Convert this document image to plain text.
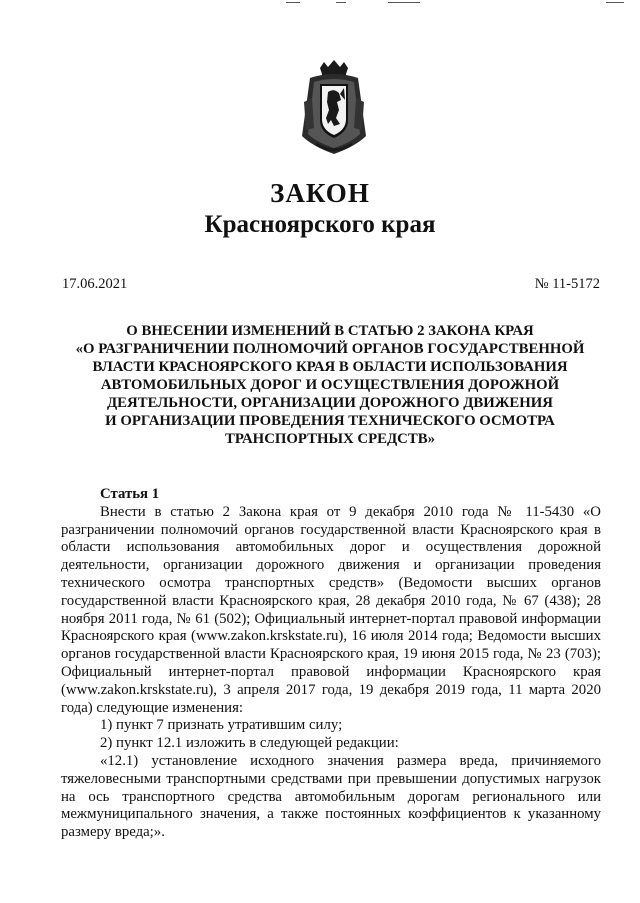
ЗАКОН
Красноярского края
17.06.2021	№ 11-5172
О ВНЕСЕНИИ ИЗМЕНЕНИЙ В СТАТЬЮ 2 ЗАКОНА КРАЯ
«О РАЗГРАНИЧЕНИИ ПОЛНОМОЧИЙ ОРГАНОВ ГОСУДАРСТВЕННОЙ
ВЛАСТИ КРАСНОЯРСКОГО КРАЯ В ОБЛАСТИ ИСПОЛЬЗОВАНИЯ
АВТОМОБИЛЬНЫХ ДОРОГ И ОСУЩЕСТВЛЕНИЯ ДОРОЖНОЙ
ДЕЯТЕЛЬНОСТИ, ОРГАНИЗАЦИИ ДОРОЖНОГО ДВИЖЕНИЯ
И ОРГАНИЗАЦИИ ПРОВЕДЕНИЯ ТЕХНИЧЕСКОГО ОСМОТРА
ТРАНСПОРТНЫХ СРЕДСТВ»
Статья 1

Внести в статью 2 Закона края от 9 декабря 2010 года № 11-5430 «О разграничении полномочий органов государственной власти Красноярского края в области использования автомобильных дорог и осуществления дорожной деятельности, организации дорожного движения и организации проведения технического осмотра транспортных средств» (Ведомости высших органов государственной власти Красноярского края, 28 декабря 2010 года, № 67 (438); 28 ноября 2011 года, № 61 (502); Официальный интернет-портал правовой информации Красноярского края (www.zakon.krskstate.ru), 16 июля 2014 года; Ведомости высших органов государственной власти Красноярского края, 19 июня 2015 года, № 23 (703); Официальный интернет-портал правовой информации Красноярского края (www.zakon.krskstate.ru), 3 апреля 2017 года, 19 декабря 2019 года, 11 марта 2020 года) следующие изменения:

1) пункт 7 признать утратившим силу;

2) пункт 12.1 изложить в следующей редакции:

«12.1) установление исходного значения размера вреда, причиняемого тяжеловесными транспортными средствами при превышении допустимых нагрузок на ось транспортного средства автомобильным дорогам регионального или межмуниципального значения, а также постоянных коэффициентов к указанному размеру вреда;».
